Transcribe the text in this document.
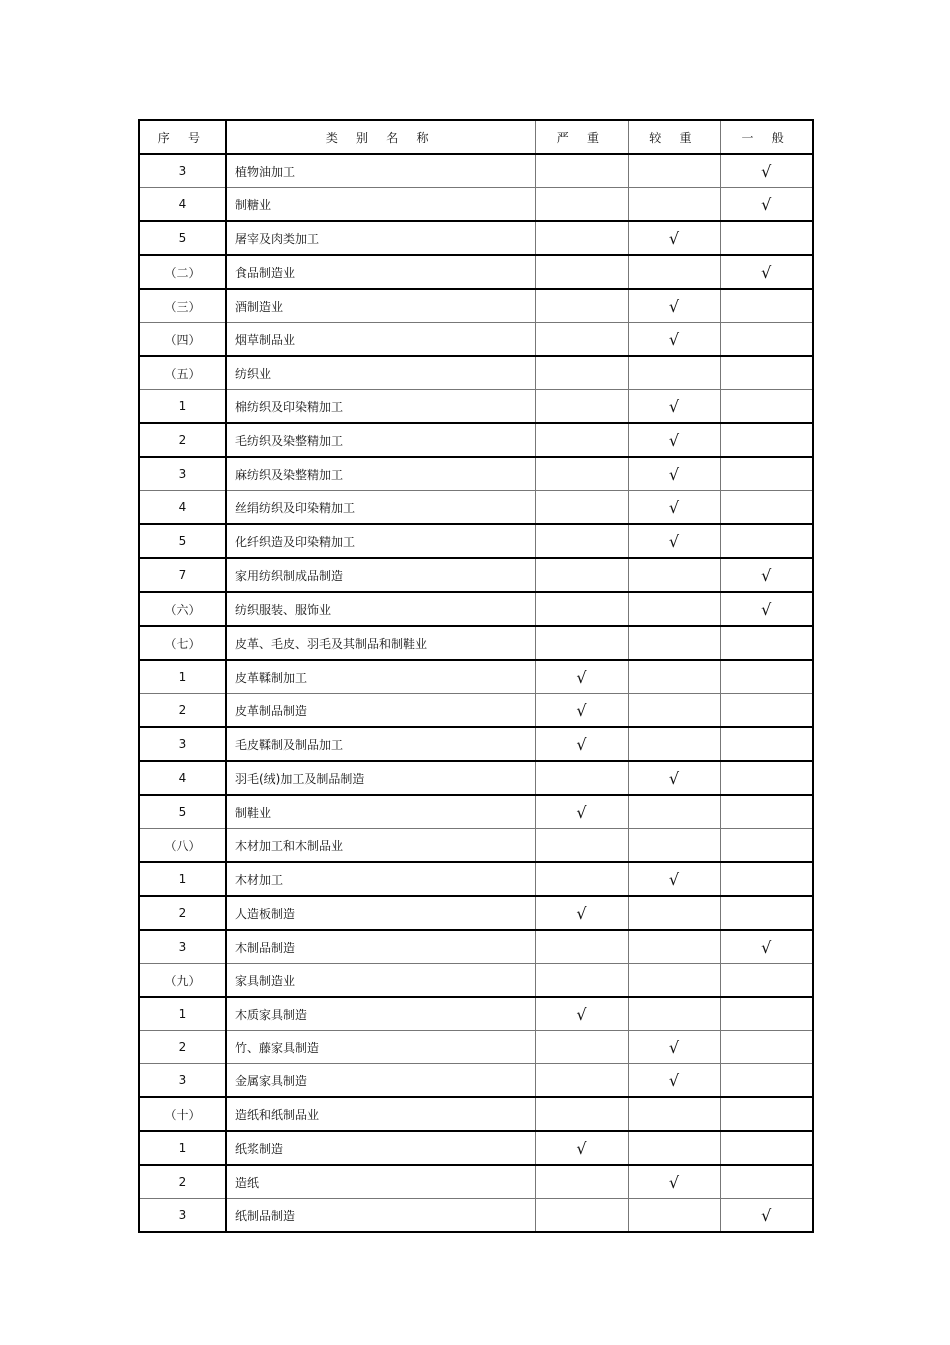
序 号	类 别 名 称	严 重	较 重	一 般
3	植物油加工			√
4	制糖业			√
5	屠宰及肉类加工		√	
（二）	食品制造业			√
（三）	酒制造业		√	
（四）	烟草制品业		√	
（五）	纺织业			
1	棉纺织及印染精加工		√	
2	毛纺织及染整精加工		√	
3	麻纺织及染整精加工		√	
4	丝绢纺织及印染精加工		√	
5	化纤织造及印染精加工		√	
7	家用纺织制成品制造			√
（六）	纺织服装、服饰业			√
（七）	皮革、毛皮、羽毛及其制品和制鞋业			
1	皮革鞣制加工	√		
2	皮革制品制造	√		
3	毛皮鞣制及制品加工	√		
4	羽毛(绒)加工及制品制造		√	
5	制鞋业	√		
（八）	木材加工和木制品业			
1	木材加工		√	
2	人造板制造	√		
3	木制品制造			√
（九）	家具制造业			
1	木质家具制造	√		
2	竹、藤家具制造		√	
3	金属家具制造		√	
（十）	造纸和纸制品业			
1	纸浆制造	√		
2	造纸		√	
3	纸制品制造			√
